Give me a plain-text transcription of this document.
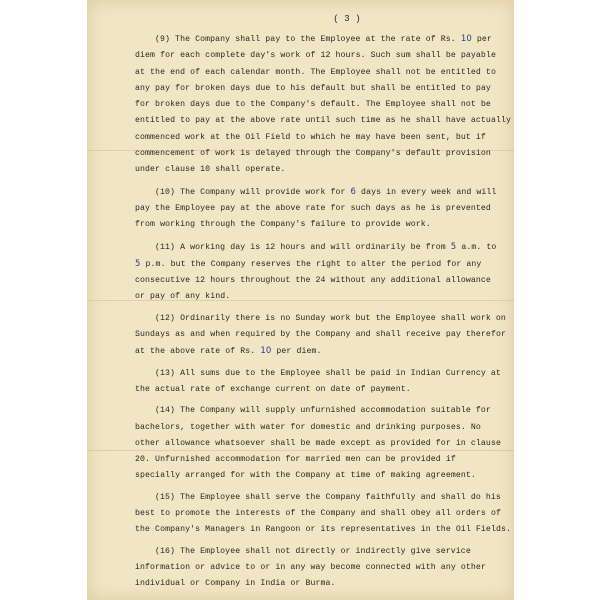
( 3 )
(9) The Company shall pay to the Employee at the rate of Rs. 10 per
diem for each complete day's work of 12 hours. Such sum shall be payable
at the end of each calendar month. The Employee shall not be entitled to
any pay for broken days due to his default but shall be entitled to pay
for broken days due to the Company's default. The Employee shall not be
entitled to pay at the above rate until such time as he shall have actually
commenced work at the Oil Field to which he may have been sent, but if
commencement of work is delayed through the Company's default provision
under clause 10 shall operate.
(10) The Company will provide work for 6 days in every week and will
pay the Employee pay at the above rate for such days as he is prevented
from working through the Company's failure to provide work.
(11) A working day is 12 hours and will ordinarily be from 5 a.m. to
5 p.m. but the Company reserves the right to alter the period for any
consecutive 12 hours throughout the 24 without any additional allowance
or pay of any kind.
(12) Ordinarily there is no Sunday work but the Employee shall work on
Sundays as and when required by the Company and shall receive pay therefor
at the above rate of Rs. 10 per diem.
(13) All sums due to the Employee shall be paid in Indian Currency at
the actual rate of exchange current on date of payment.
(14) The Company will supply unfurnished accommodation suitable for
bachelors, together with water for domestic and drinking purposes. No
other allowance whatsoever shall be made except as provided for in clause
20. Unfurnished accommodation for married men can be provided if
specially arranged for with the Company at time of making agreement.
(15) The Employee shall serve the Company faithfully and shall do his
best to promote the interests of the Company and shall obey all orders of
the Company's Managers in Rangoon or its representatives in the Oil Fields.
(16) The Employee shall not directly or indirectly give service
information or advice to or in any way become connected with any other
individual or Company in India or Burma.
